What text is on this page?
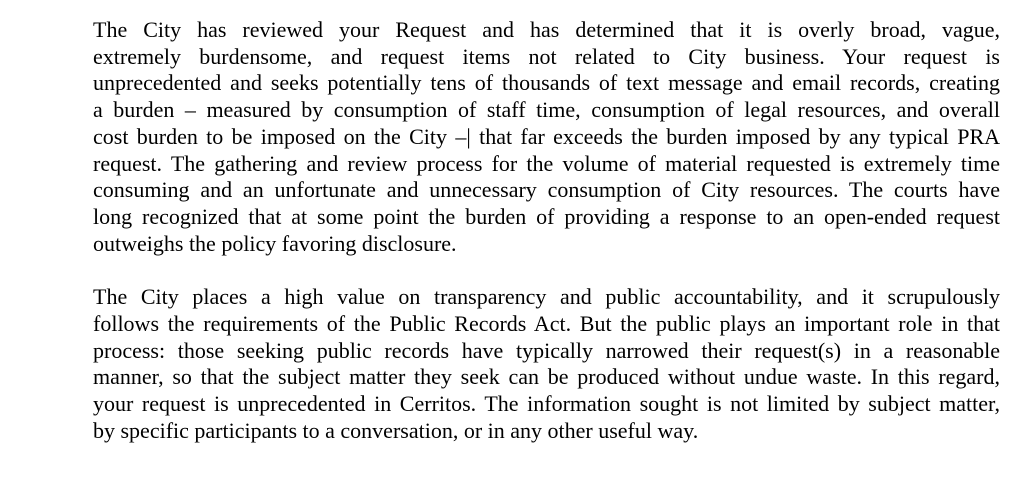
The City has reviewed your Request and has determined that it is overly broad, vague,
extremely burdensome, and request items not related to City business. Your request is
unprecedented and seeks potentially tens of thousands of text message and email records, creating
a burden – measured by consumption of staff time, consumption of legal resources, and overall
cost burden to be imposed on the City –| that far exceeds the burden imposed by any typical PRA
request. The gathering and review process for the volume of material requested is extremely time
consuming and an unfortunate and unnecessary consumption of City resources. The courts have
long recognized that at some point the burden of providing a response to an open-ended request
outweighs the policy favoring disclosure.

The City places a high value on transparency and public accountability, and it scrupulously
follows the requirements of the Public Records Act. But the public plays an important role in that
process: those seeking public records have typically narrowed their request(s) in a reasonable
manner, so that the subject matter they seek can be produced without undue waste. In this regard,
your request is unprecedented in Cerritos. The information sought is not limited by subject matter,
by specific participants to a conversation, or in any other useful way.
